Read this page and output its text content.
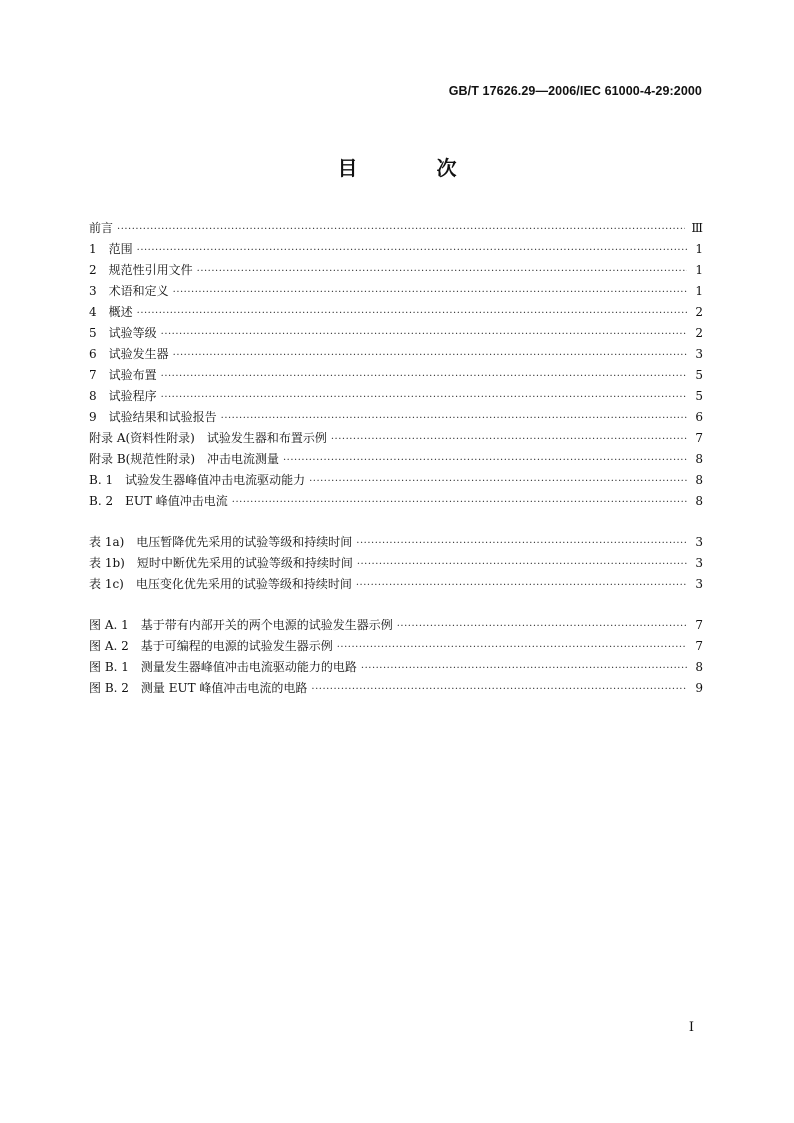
GB/T 17626.29—2006/IEC 61000-4-29:2000
目 次
前言 ·····	Ⅲ
1　范围 ·····	1
2　规范性引用文件 ·····	1
3　术语和定义 ·····	1
4　概述 ·····	2
5　试验等级 ·····	2
6　试验发生器 ·····	3
7　试验布置 ·····	5
8　试验程序 ·····	5
9　试验结果和试验报告 ·····	6
附录 A(资料性附录)　试验发生器和布置示例 ·····	7
附录 B(规范性附录)　冲击电流测量 ·····	8
B. 1　试验发生器峰值冲击电流驱动能力 ·····	8
B. 2　EUT 峰值冲击电流 ·····	8
表 1a)　电压暂降优先采用的试验等级和持续时间 ·····	3
表 1b)　短时中断优先采用的试验等级和持续时间 ·····	3
表 1c)　电压变化优先采用的试验等级和持续时间 ·····	3
图 A. 1　基于带有内部开关的两个电源的试验发生器示例 ·····	7
图 A. 2　基于可编程的电源的试验发生器示例 ·····	7
图 B. 1　测量发生器峰值冲击电流驱动能力的电路 ·····	8
图 B. 2　测量 EUT 峰值冲击电流的电路 ·····	9
I
